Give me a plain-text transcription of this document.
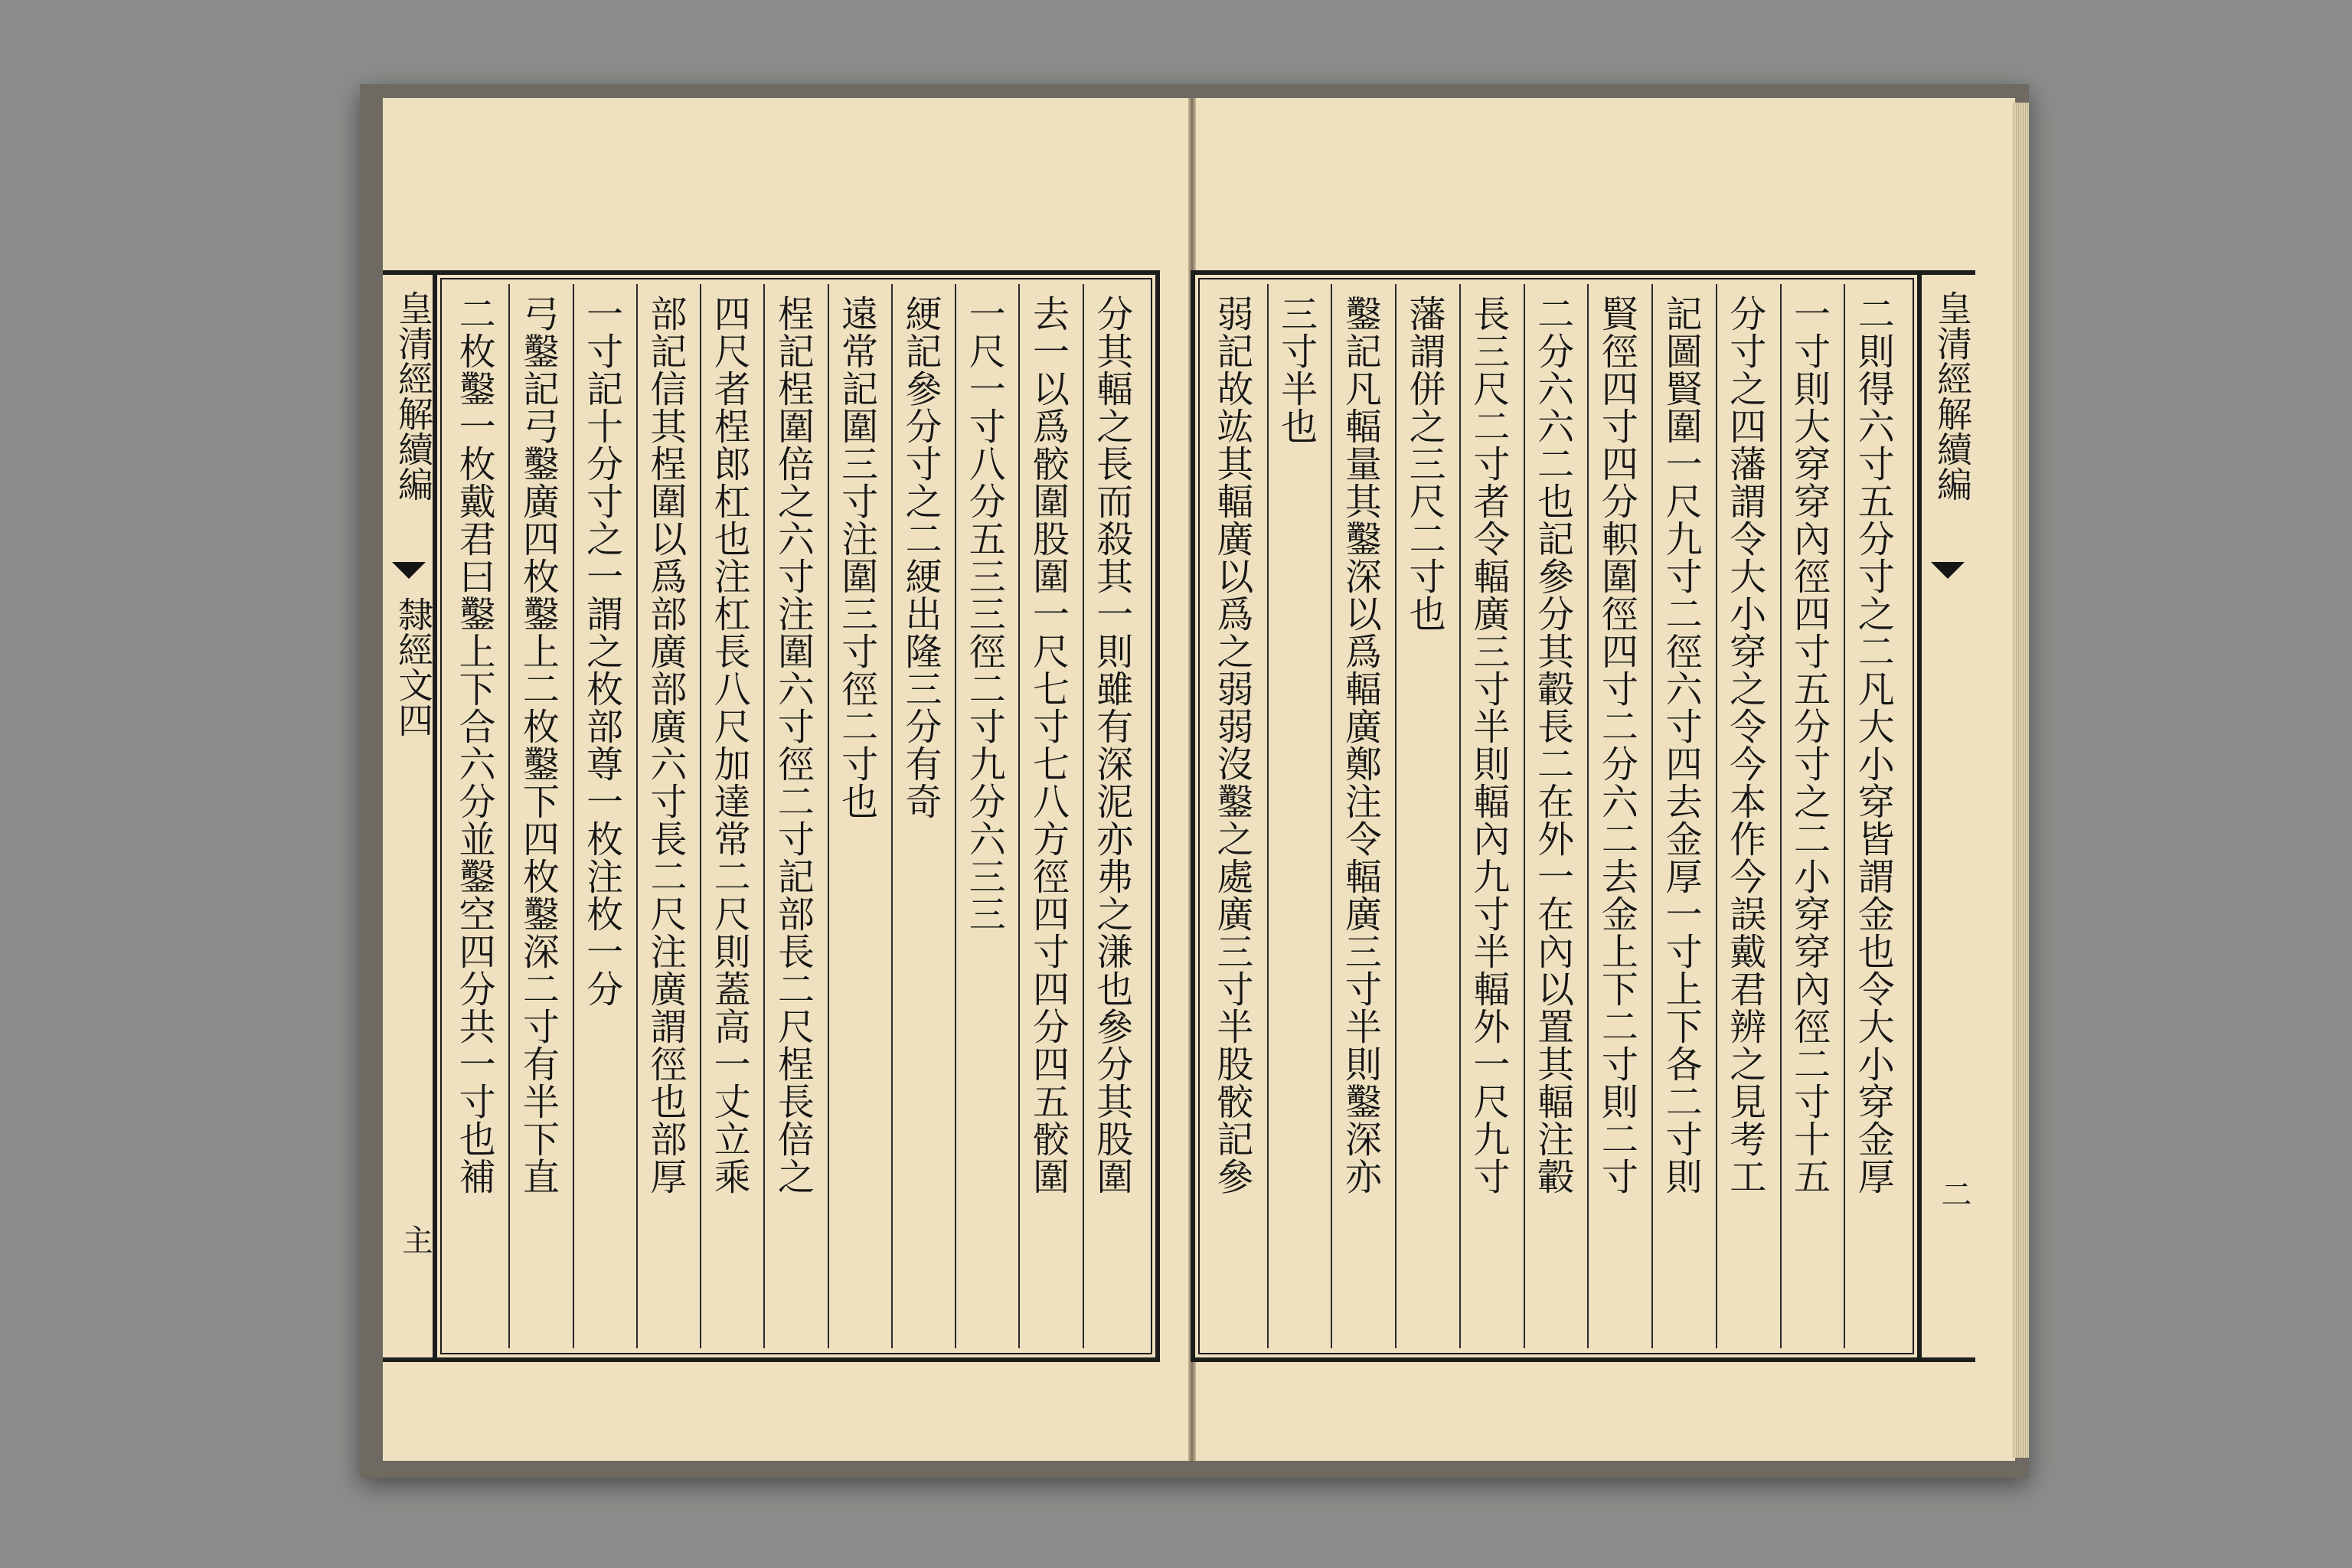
皇清經解續編
隸經文四
主
分其輻之長而殺其一則雖有深泥亦弗之溓也參分其股圍
去一以爲骹圍股圍一尺七寸七八方徑四寸四分四五骹圍
一尺一寸八分五三三徑二寸九分六三三
綆記參分寸之二綆出隆三分有奇
遠常記圍三寸注圍三寸徑二寸也
桯記桯圍倍之六寸注圍六寸徑二寸記部長二尺桯長倍之
四尺者桯郎杠也注杠長八尺加達常二尺則蓋高一丈立乘
部記信其桯圍以爲部廣部廣六寸長二尺注廣謂徑也部厚
一寸記十分寸之一謂之枚部尊一枚注枚一分
弓鑿記弓鑿廣四枚鑿上二枚鑿下四枚鑿深二寸有半下直
二枚鑿一枚戴君曰鑿上下合六分並鑿空四分共一寸也補	二則得六寸五分寸之二凡大小穿皆謂金也令大小穿金厚
一寸則大穿穿內徑四寸五分寸之二小穿穿內徑二寸十五
分寸之四藩謂令大小穿之令今本作今誤戴君辨之見考工
記圖賢圍一尺九寸二徑六寸四去金厚一寸上下各二寸則
賢徑四寸四分軹圍徑四寸二分六二去金上下二寸則二寸
二分六六二也記參分其轂長二在外一在內以置其輻注轂
長三尺二寸者令輻廣三寸半則輻內九寸半輻外一尺九寸
藩謂併之三尺二寸也
鑿記凡輻量其鑿深以爲輻廣鄭注令輻廣三寸半則鑿深亦
三寸半也
弱記故竑其輻廣以爲之弱弱沒鑿之處廣三寸半股骹記參	皇清經解續編
二
